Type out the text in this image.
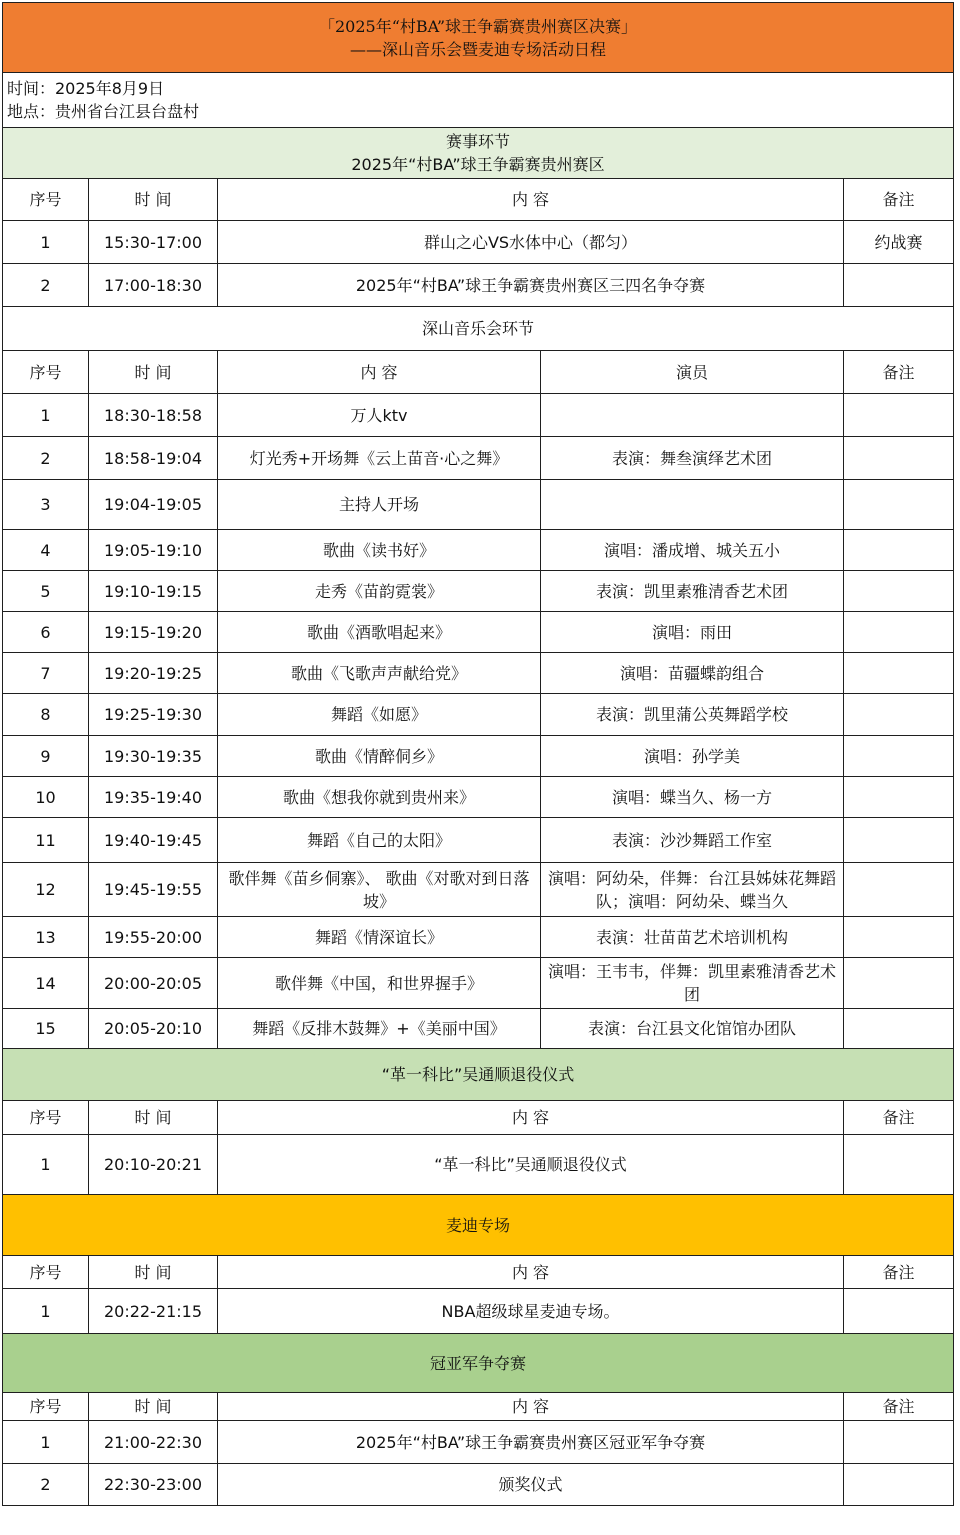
「2025年“村BA”球王争霸赛贵州赛区决赛」
——深山音乐会暨麦迪专场活动日程				

时间：2025年8月9日
地点：贵州省台江县台盘村				

赛事环节
2025年“村BA”球王争霸赛贵州赛区				

序号	时 间	内 容		备注
1	15:30-17:00	群山之心VS水体中心（都匀）		约战赛
2	17:00-18:30	2025年“村BA”球王争霸赛贵州赛区三四名争夺赛		
深山音乐会环节				
序号	时 间	内 容	演员	备注
1	18:30-18:58	万人ktv		
2	18:58-19:04	灯光秀+开场舞《云上苗音·心之舞》	表演：舞叁演绎艺术团	
3	19:04-19:05	主持人开场		
4	19:05-19:10	歌曲《读书好》	演唱：潘成增、城关五小	
5	19:10-19:15	走秀《苗韵霓裳》	表演：凯里素雅清香艺术团	
6	19:15-19:20	歌曲《酒歌唱起来》	演唱：雨田	
7	19:20-19:25	歌曲《飞歌声声献给党》	演唱：苗疆蝶韵组合	
8	19:25-19:30	舞蹈《如愿》	表演：凯里蒲公英舞蹈学校	
9	19:30-19:35	歌曲《情醉侗乡》	演唱：孙学美	
10	19:35-19:40	歌曲《想我你就到贵州来》	演唱：蝶当久、杨一方	
11	19:40-19:45	舞蹈《自己的太阳》	表演：沙沙舞蹈工作室	
12	19:45-19:55	歌伴舞《苗乡侗寨》、 歌曲《对歌对到日落坡》	演唱：阿幼朵，伴舞：台江县姊妹花舞蹈队；演唱：阿幼朵、蝶当久	
13	19:55-20:00	舞蹈《情深谊长》	表演：壮苗苗艺术培训机构	
14	20:00-20:05	歌伴舞《中国，和世界握手》	演唱：王韦韦，伴舞：凯里素雅清香艺术团	
15	20:05-20:10	舞蹈《反排木鼓舞》+《美丽中国》	表演：台江县文化馆馆办团队	
“革一科比”吴通顺退役仪式				
序号	时 间	内 容		备注
1	20:10-20:21	“革一科比”吴通顺退役仪式		
麦迪专场				
序号	时 间	内 容		备注
1	20:22-21:15	NBA超级球星麦迪专场。		
冠亚军争夺赛				
序号	时 间	内 容		备注
1	21:00-22:30	2025年“村BA”球王争霸赛贵州赛区冠亚军争夺赛		
2	22:30-23:00	颁奖仪式		
